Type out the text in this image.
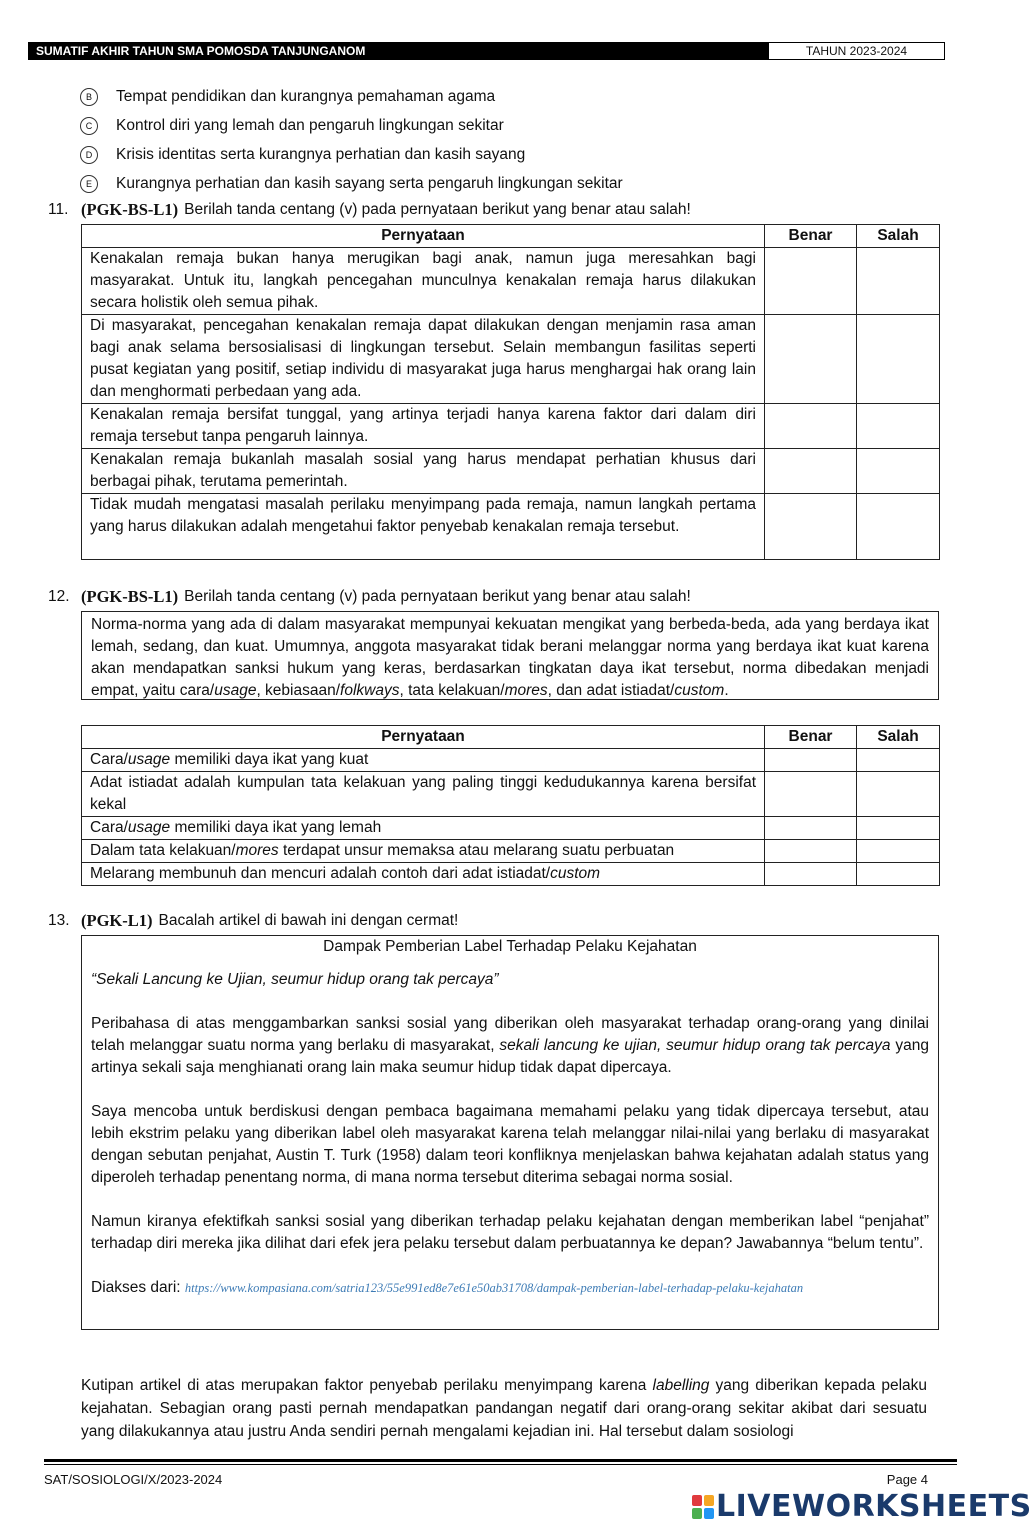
SUMATIF AKHIR TAHUN SMA POMOSDA TANJUNGANOM	TAHUN 2023-2024
B	Tempat pendidikan dan kurangnya pemahaman agama
C	Kontrol diri yang lemah dan pengaruh lingkungan sekitar
D	Krisis identitas serta kurangnya perhatian dan kasih sayang
E	Kurangnya perhatian dan kasih sayang serta pengaruh lingkungan sekitar
11. (PGK-BS-L1) Berilah tanda centang (v) pada pernyataan berikut yang benar atau salah!
Pernyataan	Benar	Salah
Kenakalan remaja bukan hanya merugikan bagi anak, namun juga meresahkan bagi masyarakat. Untuk itu, langkah pencegahan munculnya kenakalan remaja harus dilakukan secara holistik oleh semua pihak.		
Di masyarakat, pencegahan kenakalan remaja dapat dilakukan dengan menjamin rasa aman bagi anak selama bersosialisasi di lingkungan tersebut. Selain membangun fasilitas seperti pusat kegiatan yang positif, setiap individu di masyarakat juga harus menghargai hak orang lain dan menghormati perbedaan yang ada.		
Kenakalan remaja bersifat tunggal, yang artinya terjadi hanya karena faktor dari dalam diri remaja tersebut tanpa pengaruh lainnya.		
Kenakalan remaja bukanlah masalah sosial yang harus mendapat perhatian khusus dari berbagai pihak, terutama pemerintah.		
Tidak mudah mengatasi masalah perilaku menyimpang pada remaja, namun langkah pertama yang harus dilakukan adalah mengetahui faktor penyebab kenakalan remaja tersebut.		
12. (PGK-BS-L1) Berilah tanda centang (v) pada pernyataan berikut yang benar atau salah!
Norma-norma yang ada di dalam masyarakat mempunyai kekuatan mengikat yang berbeda-beda, ada yang berdaya ikat lemah, sedang, dan kuat. Umumnya, anggota masyarakat tidak berani melanggar norma yang berdaya ikat kuat karena akan mendapatkan sanksi hukum yang keras, berdasarkan tingkatan daya ikat tersebut, norma dibedakan menjadi empat, yaitu cara/usage, kebiasaan/folkways, tata kelakuan/mores, dan adat istiadat/custom.
Pernyataan	Benar	Salah
Cara/usage memiliki daya ikat yang kuat		
Adat istiadat adalah kumpulan tata kelakuan yang paling tinggi kedudukannya karena bersifat kekal		
Cara/usage memiliki daya ikat yang lemah		
Dalam tata kelakuan/mores terdapat unsur memaksa atau melarang suatu perbuatan		
Melarang membunuh dan mencuri adalah contoh dari adat istiadat/custom		
13. (PGK-L1) Bacalah artikel di bawah ini dengan cermat!

Dampak Pemberian Label Terhadap Pelaku Kejahatan

“Sekali Lancung ke Ujian, seumur hidup orang tak percaya”

Peribahasa di atas menggambarkan sanksi sosial yang diberikan oleh masyarakat terhadap orang-orang yang dinilai telah melanggar suatu norma yang berlaku di masyarakat, sekali lancung ke ujian, seumur hidup orang tak percaya yang artinya sekali saja menghianati orang lain maka seumur hidup tidak dapat dipercaya.

Saya mencoba untuk berdiskusi dengan pembaca bagaimana memahami pelaku yang tidak dipercaya tersebut, atau lebih ekstrim pelaku yang diberikan label oleh masyarakat karena telah melanggar nilai-nilai yang berlaku di masyarakat dengan sebutan penjahat, Austin T. Turk (1958) dalam teori konfliknya menjelaskan bahwa kejahatan adalah status yang diperoleh terhadap penentang norma, di mana norma tersebut diterima sebagai norma sosial.

Namun kiranya efektifkah sanksi sosial yang diberikan terhadap pelaku kejahatan dengan memberikan label “penjahat” terhadap diri mereka jika dilihat dari efek jera pelaku tersebut dalam perbuatannya ke depan? Jawabannya “belum tentu”.

Diakses dari: https://www.kompasiana.com/satria123/55e991ed8e7e61e50ab31708/dampak-pemberian-label-terhadap-pelaku-kejahatan

Kutipan artikel di atas merupakan faktor penyebab perilaku menyimpang karena labelling yang diberikan kepada pelaku kejahatan. Sebagian orang pasti pernah mendapatkan pandangan negatif dari orang-orang sekitar akibat dari sesuatu yang dilakukannya atau justru Anda sendiri pernah mengalami kejadian ini. Hal tersebut dalam sosiologi

SAT/SOSIOLOGI/X/2023-2024	Page 4
LIVEWORKSHEETS
